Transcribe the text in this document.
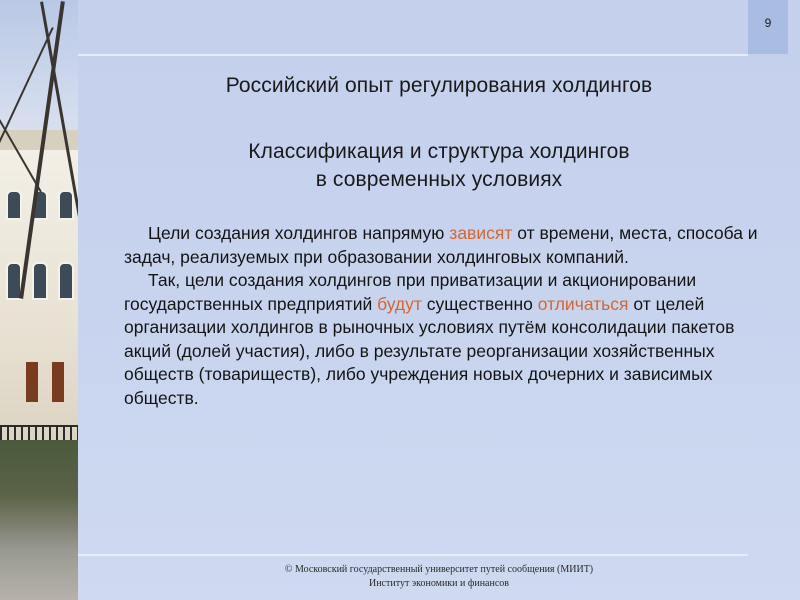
9
Российский опыт регулирования холдингов
Классификация и структура холдингов
в современных условиях

Цели создания холдингов напрямую зависят от времени, места, способа и задач, реализуемых при образовании холдинговых компаний.

Так, цели создания холдингов при приватизации и акционировании государственных предприятий будут существенно отличаться от целей организации холдингов в рыночных условиях путём консолидации пакетов акций (долей участия), либо в результате реорганизации хозяйственных обществ (товариществ), либо учреждения новых дочерних и зависимых обществ.

© Московский государственный университет путей сообщения (МИИТ)
Институт экономики и финансов
